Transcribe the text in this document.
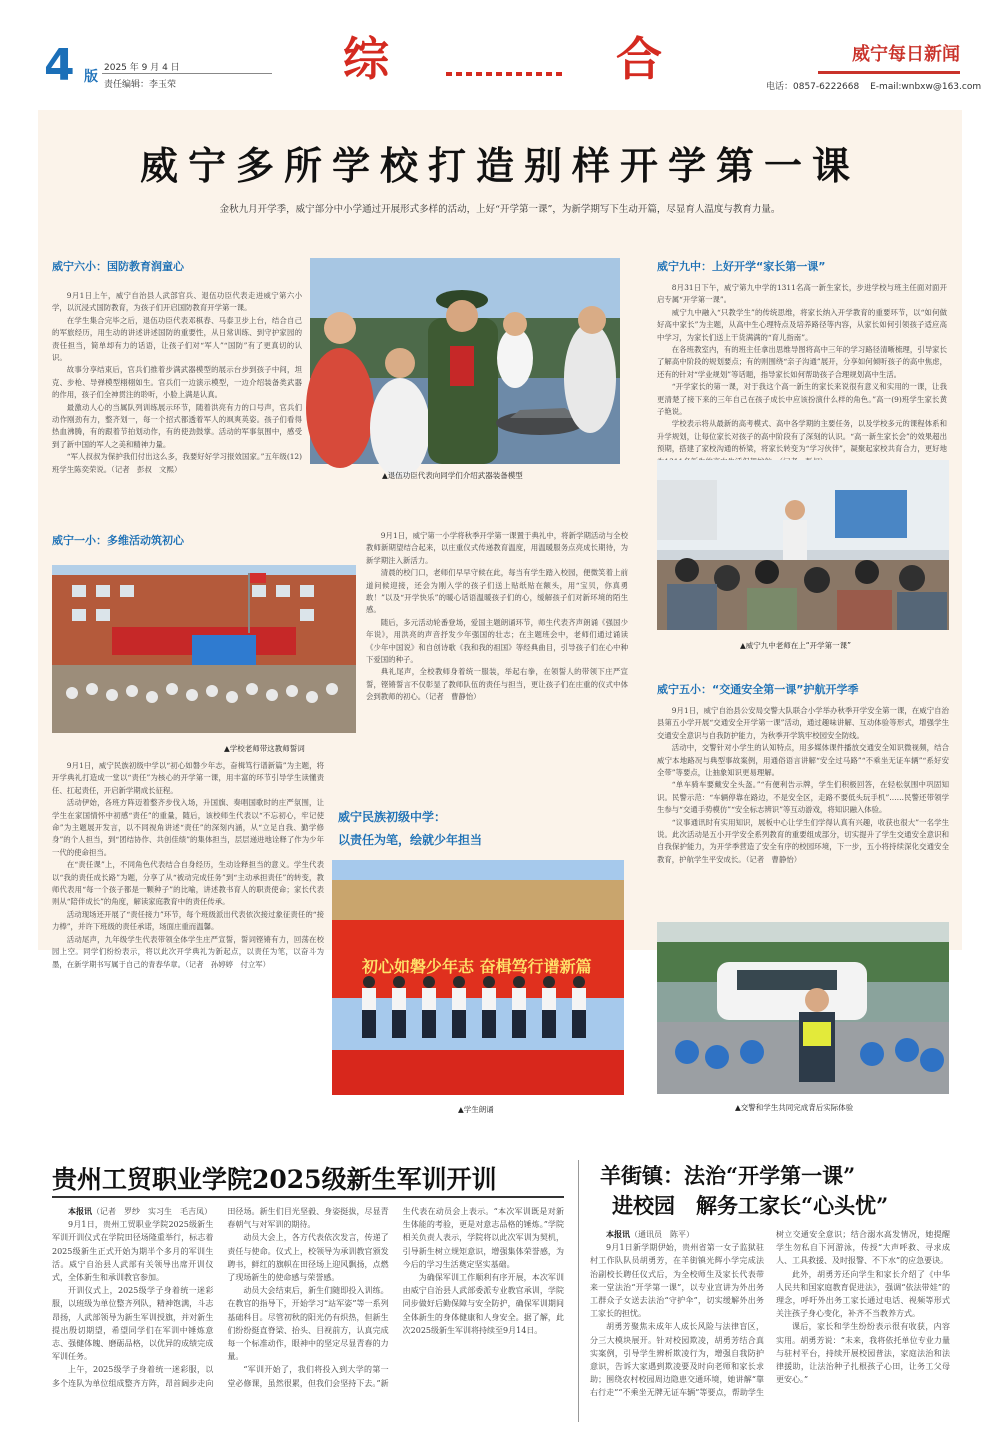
4 版
2025 年 9 月 4 日
责任编辑：李玉荣	综	合	威宁每日新闻
电话：0857-6222668 E-mail:wnbxw@163.com
威宁多所学校打造别样开学第一课
金秋九月开学季，威宁部分中小学通过开展形式多样的活动，上好“开学第一课”，为新学期写下生动开篇，尽显育人温度与教育力量。
威宁六小：国防教育润童心

9月1日上午，威宁自治县人武部官兵、退伍功臣代表走进威宁第六小学，以沉浸式国防教育，为孩子们开启国防教育开学第一课。

在学生集合完毕之后，退伍功臣代表邓棋春、马泰卫步上台，结合自己的军旅经历，用生动的讲述讲述国防的重要性，从日常训练、到守护家园的责任担当，简单却有力的话语，让孩子们对“军人”“国防”有了更真切的认识。

故事分享结束后，官兵们推着步满武器模型的展示台步到孩子中间，坦克、步枪、导弹模型栩栩如生。官兵们一边演示模型，一边介绍装备类武器的作用，孩子们全神贯注的聆听，小脸上满是认真。

最激动人心的当属队列训练展示环节，随着洪亮有力的口号声，官兵们动作刚劲有力，整齐划一，每一个招式都透着军人的飒爽英姿。孩子们看得热血沸腾，有的跟着节拍划动作，有的使劲鼓掌。活动的军事氛围中，感受到了新中国的军人之美和精神力量。

“军人叔叔为保护我们付出这么多，我要好好学习报效国家。”五年级(12)班学生陈奕荣说。（记者　彭叔　文熙）

▲退伍功臣代表向同学们介绍武器装备模型
威宁九中：上好开学“家长第一课”

8月31日下午，威宁第九中学的1311名高一新生家长，步进学校与班主任面对面开启专属“开学第一课”。

威宁九中融入“只教学生”的传统思维，将家长纳入开学教育的重要环节，以“如何做好高中家长”为主题，从高中生心理特点及培养路径等内容，从家长如何引领孩子适应高中学习，为家长们送上干货满满的“育儿指南”。

在各班教室内，有的班主任拿出思维导图将高中三年的学习路径清晰梳理，引导家长了解高中阶段的规划要点；有的则围绕“亲子沟通”展开，分享如何倾听孩子的高中焦虑，还有的针对“学业规划”等话题，指导家长如何帮助孩子合理规划高中生活。

“开学家长的第一课，对于我这个高一新生的家长来说很有意义和实用的一课，让我更清楚了接下来的三年自己在孩子成长中应该扮演什么样的角色。”高一(9)班学生家长黄子艳说。

学校表示将从最新的高考模式、高中各学期的主要任务，以及学校多元的课程体系和升学规划，让每位家长对孩子的高中阶段有了深刻的认识。“高一新生家长会”的效果超出预期，搭建了家校沟通的桥梁，将家长转变为“学习伙伴”，凝聚起家校共育合力，更好地　

▲威宁九中老师在上“开学第一课”
威宁一小：多维活动筑初心
▲学校老师带这教师誓词

9月1日，威宁第一小学将秋季开学第一课置于典礼中，将新学期活动与全校教师新期望结合起来，以庄重仪式传递教育温度，用温暖服务点亮成长期待，为新学期注入新活力。

清晨的校门口，老师们早早守候在此，每当有学生踏入校园，便微笑着上前道问候迎接，还会为刚入学的孩子们送上贴纸贴在额头，用“宝贝，你真勇敢！”以及“开学快乐”的暖心话语温暖孩子们的心，缓解孩子们对新环境的陌生感。

随后，多元活动轮番登场，爱国主题朗诵环节，师生代表齐声朗诵《强国少年说》，用洪亮的声音抒发少年强国的壮志；在主题班会中，老师们通过诵读《少年中国说》和自创诗歌《我和我的祖国》等经典曲目，引导孩子们在心中种下爱国的种子。

典礼尾声，全校教师身着统一服装，举起右拳，在领誓人的带领下庄严宣誓，铿锵誓言不仅彰显了教师队伍的责任与担当，更让孩子们在庄重的仪式中体会到教师的初心。（记者　曹静怡）

威宁五小：“交通安全第一课”护航开学季

9月1日，威宁自治县公安局交警大队联合小学举办秋季开学安全第一课，在威宁自治县第五小学开展“交通安全开学第一课”活动，通过趣味讲解、互动体验等形式，增强学生交通安全意识与自我防护能力，为秋季开学筑牢校园安全防线。

活动中，交警针对小学生的认知特点，用多媒体课件播放交通安全知识微视频，结合威宁本地路况与典型事故案例，用通俗语言讲解“安全过马路”“不乘坐无证车辆”“系好安全带”等要点，让抽象知识更易理解。

“单车骑车要戴安全头盔。”“有便利告示牌，学生们积极回答，在轻松氛围中巩固知识。民警示范：“车辆停靠在路边，不是安全区，走路不要低头玩手机”……民警还带领学生参与“交通手势模仿”“安全标志辨识”等互动游戏，将知识融入体验。

“议事通讯时有实用知识，展板中心让学生们学得认真有兴趣，收获也很大”一名学生说。此次活动是五小开学安全系列教育的重要组成部分，切实提升了学生交通安全意识和自我保护能力，为开学季营造了安全有序的校园环境，下一步，五小将持续深化交通安全教育，护航学生平安成长。（记者　曹静怡）

▲交警和学生共同完成背后实际体验

9月1日，威宁民族初级中学以“初心如磐少年志，奋楫笃行谱新篇”为主题，将开学典礼打造成一堂以“责任”为核心的开学第一课，用丰富的环节引导学生读懂责任、扛起责任，开启新学期成长征程。

活动伊始，各班方阵迈着整齐步伐入场，升国旗、奏唱国歌时的庄严氛围，让学生在家国情怀中初感“责任”的重量，随后，该校师生代表以“不忘初心，牢记使命”为主题展开发言，以不同视角讲述“责任”的深刻内涵，从“立足自我、勤学修身”的个人担当，到“团结协作、共创佳绩”的集体担当，层层递进地诠释了作为少年一代的使命担当。

在“责任课”上，不同角色代表结合自身经历，生动诠释担当的意义。学生代表以“我的责任成长路”为题，分享了从“被动完成任务”到“主动承担责任”的转变，教师代表用“每一个孩子都是一颗种子”的比喻，讲述教书育人的职责使命；家长代表则从“陪伴成长”的角度，解读家庭教育中的责任传承。

活动现场还开展了“责任接力”环节，每个班级派出代表依次接过象征责任的“接力棒”，并许下班级的责任承诺，场面庄重而温馨。

活动尾声，九年级学生代表带领全体学生庄严宣誓，誓词铿锵有力，回荡在校园上空。同学们纷纷表示，将以此次开学典礼为新起点，以责任为笔，以奋斗为墨，在新学期书写属于自己的青春华章。（记者　孙婷婷　付立军）

威宁民族初级中学：
以责任为笔，绘就少年担当
初心如磐少年志 奋楫笃行谱新篇
▲学生朗诵
贵州工贸职业学院2025级新生军训开训

本报讯（记者　罗纱　实习生　毛吉凤）

9月1日，贵州工贸职业学院2025级新生军训开训仪式在学院田径场隆重举行，标志着2025级新生正式开始为期半个多月的军训生活。威宁自治县人武部有关领导出席开训仪式，全体新生和承训教官参加。

开训仪式上，2025级学子身着统一迷彩服，以班级为单位整齐列队，精神饱满，斗志昂扬，人武部领导为新生军训授旗，并对新生提出殷切期望，希望同学们在军训中锤炼意志、强健体魄、磨砺品格，以优异的成绩完成军训任务。

上午，2025级学子身着统一迷彩服，以多个连队为单位组成整齐方阵，昂首阔步走向田径场。新生们目光坚毅、身姿挺拔，尽显青春朝气与对军训的期待。

动员大会上，各方代表依次发言，传递了责任与使命。仪式上，校领导为承训教官颁发聘书，鲜红的旗帜在田径场上迎风飘扬，点燃了现场新生的使命感与荣誉感。

动员大会结束后，新生们随即投入训练。在教官的指导下，开始学习“站军姿”等一系列基础科目。尽管初秋的阳光仍有炽热，但新生们纷纷挺直脊梁、抬头、目视前方，认真完成每一个标准动作，眼神中的坚定尽显青春的力量。

“军训开始了，我们将投入到大学的第一堂必修课，虽然很累，但我们会坚持下去。”新生代表在动员会上表示。“本次军训既是对新生体能的考验，更是对意志品格的锤炼。”学院相关负责人表示，学院将以此次军训为契机，引导新生树立规矩意识，增强集体荣誉感，为今后的学习生活奠定坚实基础。

为确保军训工作顺利有序开展，本次军训由威宁自治县人武部委派专业教官承训，学院同步做好后勤保障与安全防护，确保军训期间全体新生的身体健康和人身安全。据了解，此次2025级新生军训将持续至9月14日。

羊街镇：法治“开学第一课”
进校园　解务工家长“心头忧”

本报讯（通讯员　陈平）

9月1日新学期伊始，贵州省第一女子监狱驻村工作队队员胡勇芳，在羊街镇光辉小学完成法治副校长聘任仪式后，为全校师生及家长代表带来一堂法治“开学第一课”，以专业宣讲为外出务工群众子女送去法治“守护伞”，切实缓解外出务工家长的担忧。

胡勇芳聚焦未成年人成长风险与法律盲区，分三大模块展开。针对校园欺凌，胡勇芳结合真实案例，引导学生辨析欺凌行为，增强自我防护意识，告诉大家遇到欺凌要及时向老师和家长求助；围绕农村校园周边隐患交通环境，她讲解“靠右行走”“不乘坐无牌无证车辆”等要点，帮助学生树立交通安全意识；结合溺水高发情况，她提醒学生勿私自下河游泳，传授“大声呼救、寻求成人、工具救援、及时报警、不下水”的应急要诀。

此外，胡勇芳还向学生和家长介绍了《中华人民共和国家庭教育促进法》，强调“依法带娃”的理念，呼吁外出务工家长通过电话、视频等形式关注孩子身心变化，补齐不当教养方式。

课后，家长和学生纷纷表示很有收获，内容实用。胡勇芳说：“未来，我将依托单位专业力量与驻村平台，持续开展校园普法，家庭法治和法律援助，让法治种子扎根孩子心田，让务工父母更安心。”
